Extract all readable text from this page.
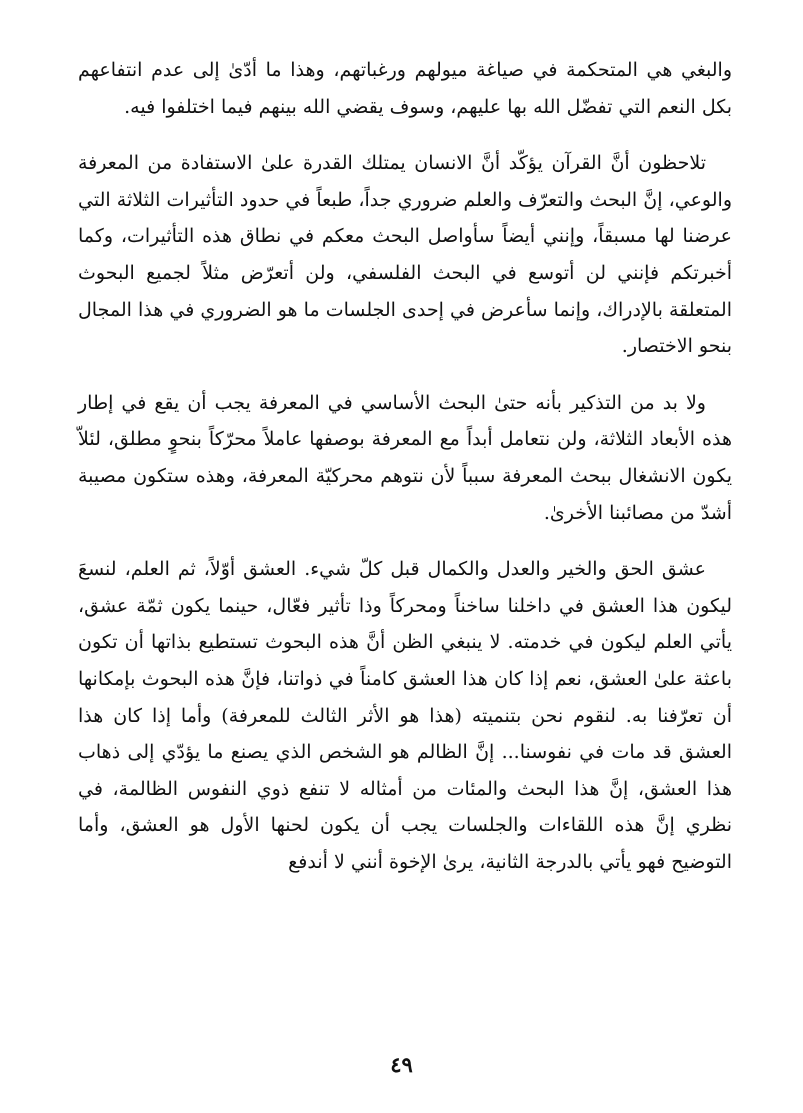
والبغي هي المتحكمة في صياغة ميولهم ورغباتهم، وهذا ما أدّىٰ إلى عدم انتفاعهم بكل النعم التي تفضّل الله بها عليهم، وسوف يقضي الله بينهم فيما اختلفوا فيه.

تلاحظون أنَّ القرآن يؤكّد أنَّ الانسان يمتلك القدرة علىٰ الاستفادة من المعرفة والوعي، إنَّ البحث والتعرّف والعلم ضروري جداً، طبعاً في حدود التأثيرات الثلاثة التي عرضنا لها مسبقاً، وإنني أيضاً سأواصل البحث معكم في نطاق هذه التأثيرات، وكما أخبرتكم فإنني لن أتوسع في البحث الفلسفي، ولن أتعرّض مثلاً لجميع البحوث المتعلقة بالإدراك، وإنما سأعرض في إحدى الجلسات ما هو الضروري في هذا المجال بنحو الاختصار.

ولا بد من التذكير بأنه حتىٰ البحث الأساسي في المعرفة يجب أن يقع في إطار هذه الأبعاد الثلاثة، ولن نتعامل أبداً مع المعرفة بوصفها عاملاً محرّكاً بنحوٍ مطلق، لئلاّ يكون الانشغال ببحث المعرفة سبباً لأن نتوهم محركيّة المعرفة، وهذه ستكون مصيبة أشدّ من مصائبنا الأخرىٰ.

عشق الحق والخير والعدل والكمال قبل كلّ شيء. العشق أوّلاً، ثم العلم، لنسعَ ليكون هذا العشق في داخلنا ساخناً ومحركاً وذا تأثير فعّال، حينما يكون ثمّة عشق، يأتي العلم ليكون في خدمته. لا ينبغي الظن أنَّ هذه البحوث تستطيع بذاتها أن تكون باعثة علىٰ العشق، نعم إذا كان هذا العشق كامناً في ذواتنا، فإنَّ هذه البحوث بإمكانها أن تعرّفنا به. لنقوم نحن بتنميته (هذا هو الأثر الثالث للمعرفة) وأما إذا كان هذا العشق قد مات في نفوسنا... إنَّ الظالم هو الشخص الذي يصنع ما يؤدّي إلى ذهاب هذا العشق، إنَّ هذا البحث والمئات من أمثاله لا تنفع ذوي النفوس الظالمة، في نظري إنَّ هذه اللقاءات والجلسات يجب أن يكون لحنها الأول هو العشق، وأما التوضيح فهو يأتي بالدرجة الثانية، يرىٰ الإخوة أنني لا أندفع

٤٩
